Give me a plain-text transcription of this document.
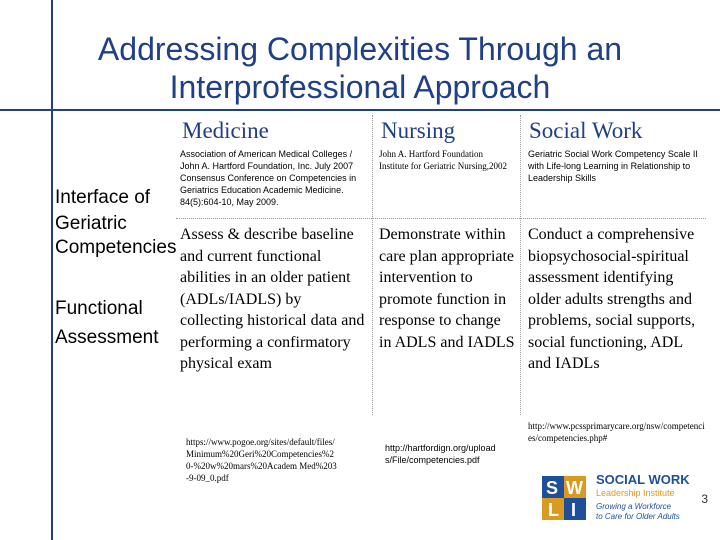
Addressing Complexities Through an Interprofessional Approach
Interface of
Geriatric
Competencies
Functional
Assessment
Medicine
Association of American Medical Colleges / John A. Hartford Foundation, Inc. July 2007 Consensus Conference on Competencies in Geriatrics Education Academic Medicine. 84(5):604-10, May 2009.
Assess & describe baseline and current functional abilities in an older patient (ADLs/IADLS) by collecting historical data and performing a confirmatory physical exam
https://www.pogoe.org/sites/default/files/Minimum%20Geri%20Competencies%20-%20w%20mars%20Academ Med%203-9-09_0.pdf
Nursing
John A. Hartford Foundation Institute for Geriatric Nursing,2002
Demonstrate within care plan appropriate intervention to promote function in response to change in ADLS and IADLS
http://hartfordign.org/uploads/File/competencies.pdf
Social Work
Geriatric Social Work Competency Scale II with Life-long Learning in Relationship to Leadership Skills
Conduct a comprehensive biopsychosocial-spiritual assessment identifying older adults strengths and problems, social supports, social functioning, ADL and IADLs
http://www.pcssprimarycare.org/nsw/competencies/competencies.php#
S W
L I
SOCIAL WORK
Leadership Institute
Growing a Workforce
to Care for Older Adults
3
